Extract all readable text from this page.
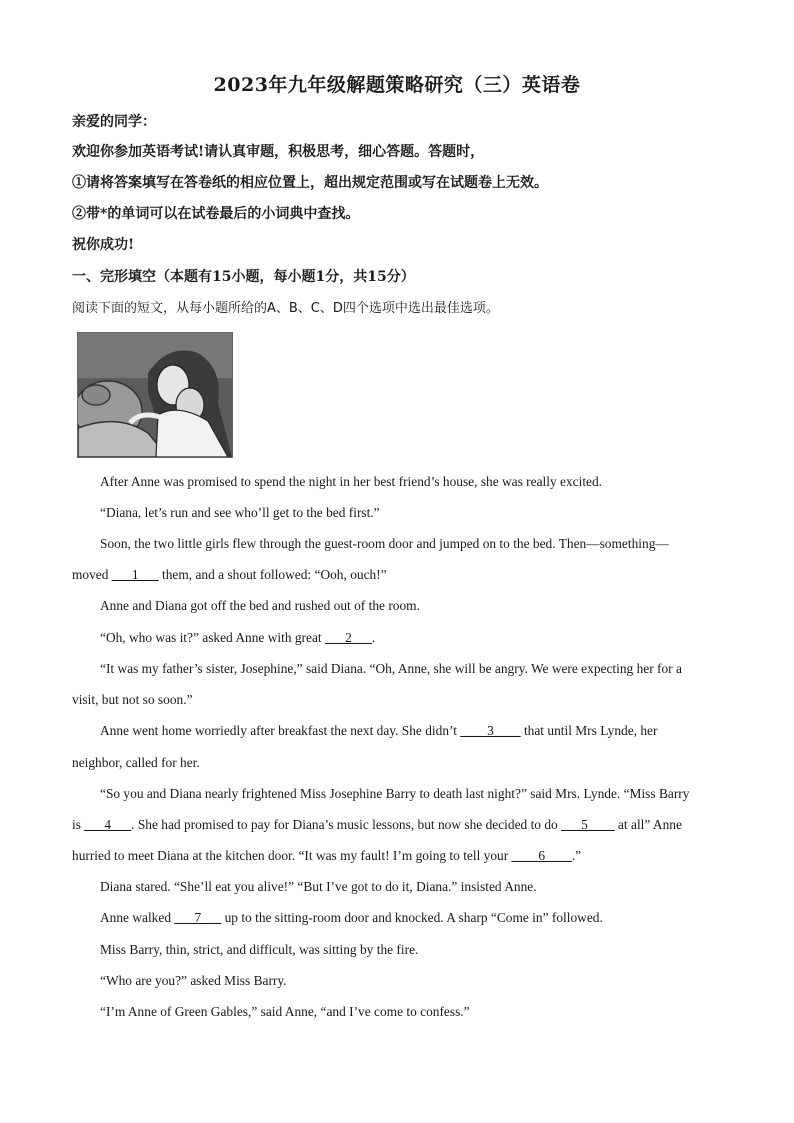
2023年九年级解题策略研究（三）英语卷
亲爱的同学：
欢迎你参加英语考试!请认真审题，积极思考，细心答题。答题时，
①请将答案填写在答卷纸的相应位置上，超出规定范围或写在试题卷上无效。
②带*的单词可以在试卷最后的小词典中查找。
祝你成功!
一、完形填空（本题有15小题，每小题1分，共15分）
阅读下面的短文，从每小题所给的A、B、C、D四个选项中选出最佳选项。
After Anne was promised to spend the night in her best friend’s house, she was really excited.
“Diana, let’s run and see who’ll get to the bed first.”
Soon, the two little girls flew through the guest-room door and jumped on to the bed. Then—something—
moved ___1___ them, and a shout followed: “Ooh, ouch!”
Anne and Diana got off the bed and rushed out of the room.
“Oh, who was it?” asked Anne with great ___2___.
“It was my father’s sister, Josephine,” said Diana. “Oh, Anne, she will be angry. We were expecting her for a
visit, but not so soon.”
Anne went home worriedly after breakfast the next day. She didn’t ____3____ that until Mrs Lynde, her
neighbor, called for her.
“So you and Diana nearly frightened Miss Josephine Barry to death last night?” said Mrs. Lynde. “Miss Barry
is ___4___. She had promised to pay for Diana’s music lessons, but now she decided to do ___5____ at all” Anne
hurried to meet Diana at the kitchen door. “It was my fault! I’m going to tell your ____6____.”
Diana stared. “She’ll eat you alive!” “But I’ve got to do it, Diana.” insisted Anne.
Anne walked ___7___ up to the sitting-room door and knocked. A sharp “Come in” followed.
Miss Barry, thin, strict, and difficult, was sitting by the fire.
“Who are you?” asked Miss Barry.
“I’m Anne of Green Gables,” said Anne, “and I’ve come to confess.”
